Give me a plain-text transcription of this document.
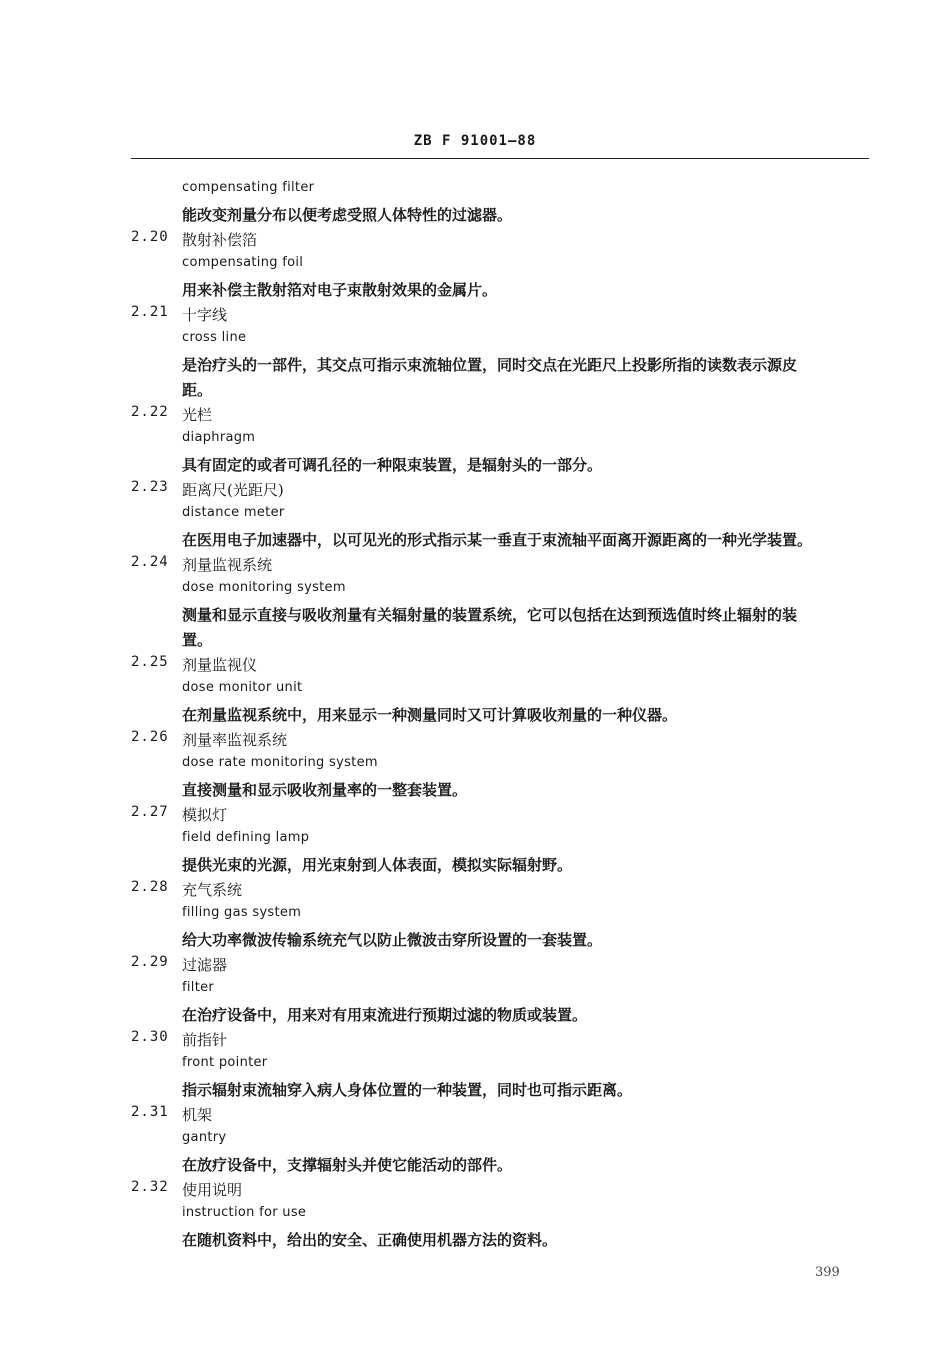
ZB F 91001—88
compensating filter
能改变剂量分布以便考虑受照人体特性的过滤器。
2.20 散射补偿箔
compensating foil
用来补偿主散射箔对电子束散射效果的金属片。
2.21 十字线
cross line
是治疗头的一部件，其交点可指示束流轴位置，同时交点在光距尺上投影所指的读数表示源皮
距。
2.22 光栏
diaphragm
具有固定的或者可调孔径的一种限束装置，是辐射头的一部分。
2.23 距离尺(光距尺)
distance meter
在医用电子加速器中，以可见光的形式指示某一垂直于束流轴平面离开源距离的一种光学装置。
2.24 剂量监视系统
dose monitoring system
测量和显示直接与吸收剂量有关辐射量的装置系统，它可以包括在达到预选值时终止辐射的装
置。
2.25 剂量监视仪
dose monitor unit
在剂量监视系统中，用来显示一种测量同时又可计算吸收剂量的一种仪器。
2.26 剂量率监视系统
dose rate monitoring system
直接测量和显示吸收剂量率的一整套装置。
2.27 模拟灯
field defining lamp
提供光束的光源，用光束射到人体表面，模拟实际辐射野。
2.28 充气系统
filling gas system
给大功率微波传输系统充气以防止微波击穿所设置的一套装置。
2.29 过滤器
filter
在治疗设备中，用来对有用束流进行预期过滤的物质或装置。
2.30 前指针
front pointer
指示辐射束流轴穿入病人身体位置的一种装置，同时也可指示距离。
2.31 机架
gantry
在放疗设备中，支撑辐射头并使它能活动的部件。
2.32 使用说明
instruction for use
在随机资料中，给出的安全、正确使用机器方法的资料。
399
